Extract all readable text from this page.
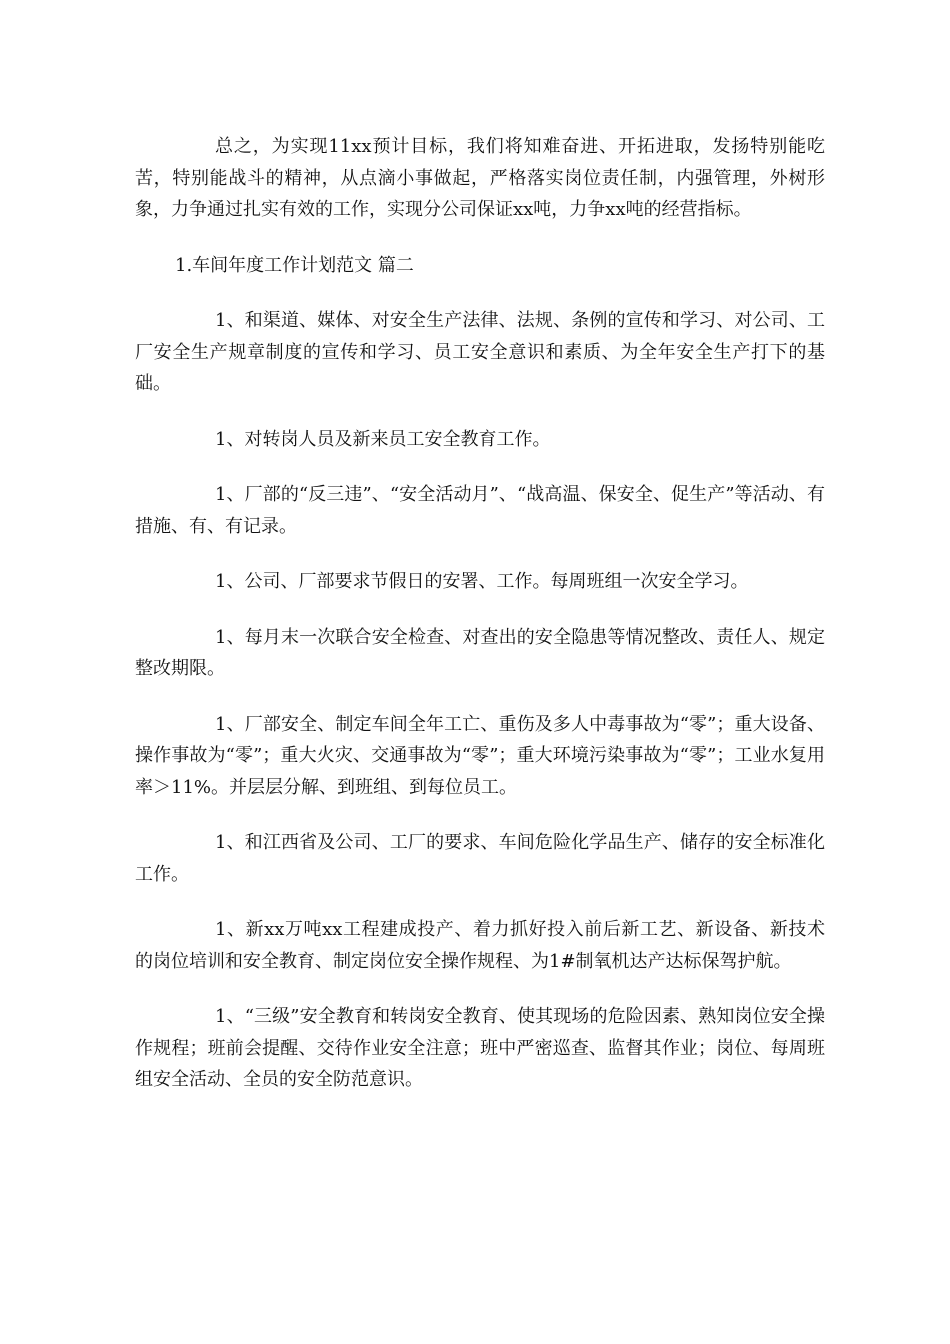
总之，为实现11xx预计目标，我们将知难奋进、开拓进取，发扬特别能吃苦，特别能战斗的精神，从点滴小事做起，严格落实岗位责任制，内强管理，外树形象，力争通过扎实有效的工作，实现分公司保证xx吨，力争xx吨的经营指标。

1.车间年度工作计划范文 篇二

1、和渠道、媒体、对安全生产法律、法规、条例的宣传和学习、对公司、工厂安全生产规章制度的宣传和学习、员工安全意识和素质、为全年安全生产打下的基础。

1、对转岗人员及新来员工安全教育工作。

1、厂部的“反三违”、“安全活动月”、“战高温、保安全、促生产”等活动、有措施、有、有记录。

1、公司、厂部要求节假日的安署、工作。每周班组一次安全学习。

1、每月末一次联合安全检查、对查出的安全隐患等情况整改、责任人、规定整改期限。

1、厂部安全、制定车间全年工亡、重伤及多人中毒事故为“零”；重大设备、操作事故为“零”；重大火灾、交通事故为“零”；重大环境污染事故为“零”；工业水复用率＞11%。并层层分解、到班组、到每位员工。

1、和江西省及公司、工厂的要求、车间危险化学品生产、储存的安全标准化工作。

1、新xx万吨xx工程建成投产、着力抓好投入前后新工艺、新设备、新技术的岗位培训和安全教育、制定岗位安全操作规程、为1#制氧机达产达标保驾护航。

1、“三级”安全教育和转岗安全教育、使其现场的危险因素、熟知岗位安全操作规程；班前会提醒、交待作业安全注意；班中严密巡查、监督其作业；岗位、每周班组安全活动、全员的安全防范意识。
